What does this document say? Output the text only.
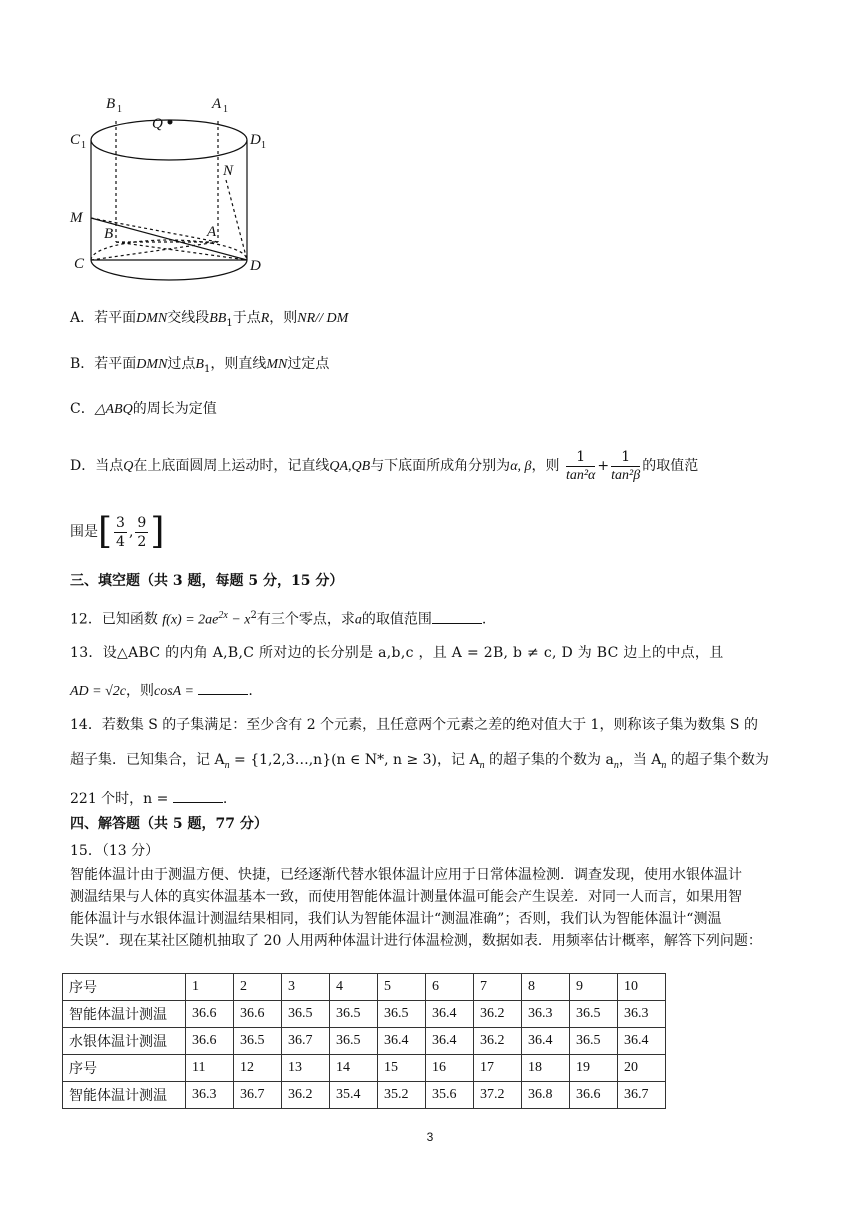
B 1	A 1
C 1	D 1
Q
N
M
B	A
C	D
A．若平面DMN交线段$BB_1$于点R，则NR// DM
B．若平面DMN过点$B_1$，则直线MN过定点
C．△ABQ的周长为定值
D．当点Q在上底面圆周上运动时，记直线QA,QB与下底面所成角分别为α, β，则 $\frac{1}{\text{tan²α}} + \frac{1}{\text{tan²β}}$ 的取值范
围是[ $\frac{3}{4}$ , $\frac{9}{2}$ ]
三、填空题（共 3 题，每题 5 分，15 分）
12．已知函数 $f(x) = 2ae^{2x} - x^2$有三个零点，求a的取值范围	.
13．设△ABC 的内角 A,B,C 所对边的长分别是 a,b,c ，且 A = 2B, b ≠ c, D 为 BC 边上的中点，且
AD = √2c，则cosA =	.
14．若数集 S 的子集满足：至少含有 2 个元素，且任意两个元素之差的绝对值大于 1，则称该子集为数集 S 的
超子集．已知集合，记 $A_n$ = {1,2,3…,n}(n ∈ N*, n ≥ 3)，记 $A_n$ 的超子集的个数为 $a_n$，当 $A_n$ 的超子集个数为
221 个时，n =	.
四、解答题（共 5 题，77 分）
15．（13 分）
智能体温计由于测温方便、快捷，已经逐渐代替水银体温计应用于日常体温检测．调查发现，使用水银体温计
测温结果与人体的真实体温基本一致，而使用智能体温计测量体温可能会产生误差．对同一人而言，如果用智
能体温计与水银体温计测温结果相同，我们认为智能体温计“测温准确”；否则，我们认为智能体温计“测温
失误”．现在某社区随机抽取了 20 人用两种体温计进行体温检测，数据如表．用频率估计概率，解答下列问题：
序号	1	2	3	4	5	6	7	8	9	10
智能体温计测温	36.6	36.6	36.5	36.5	36.5	36.4	36.2	36.3	36.5	36.3
水银体温计测温	36.6	36.5	36.7	36.5	36.4	36.4	36.2	36.4	36.5	36.4
序号	11	12	13	14	15	16	17	18	19	20
智能体温计测温	36.3	36.7	36.2	35.4	35.2	35.6	37.2	36.8	36.6	36.7
3
